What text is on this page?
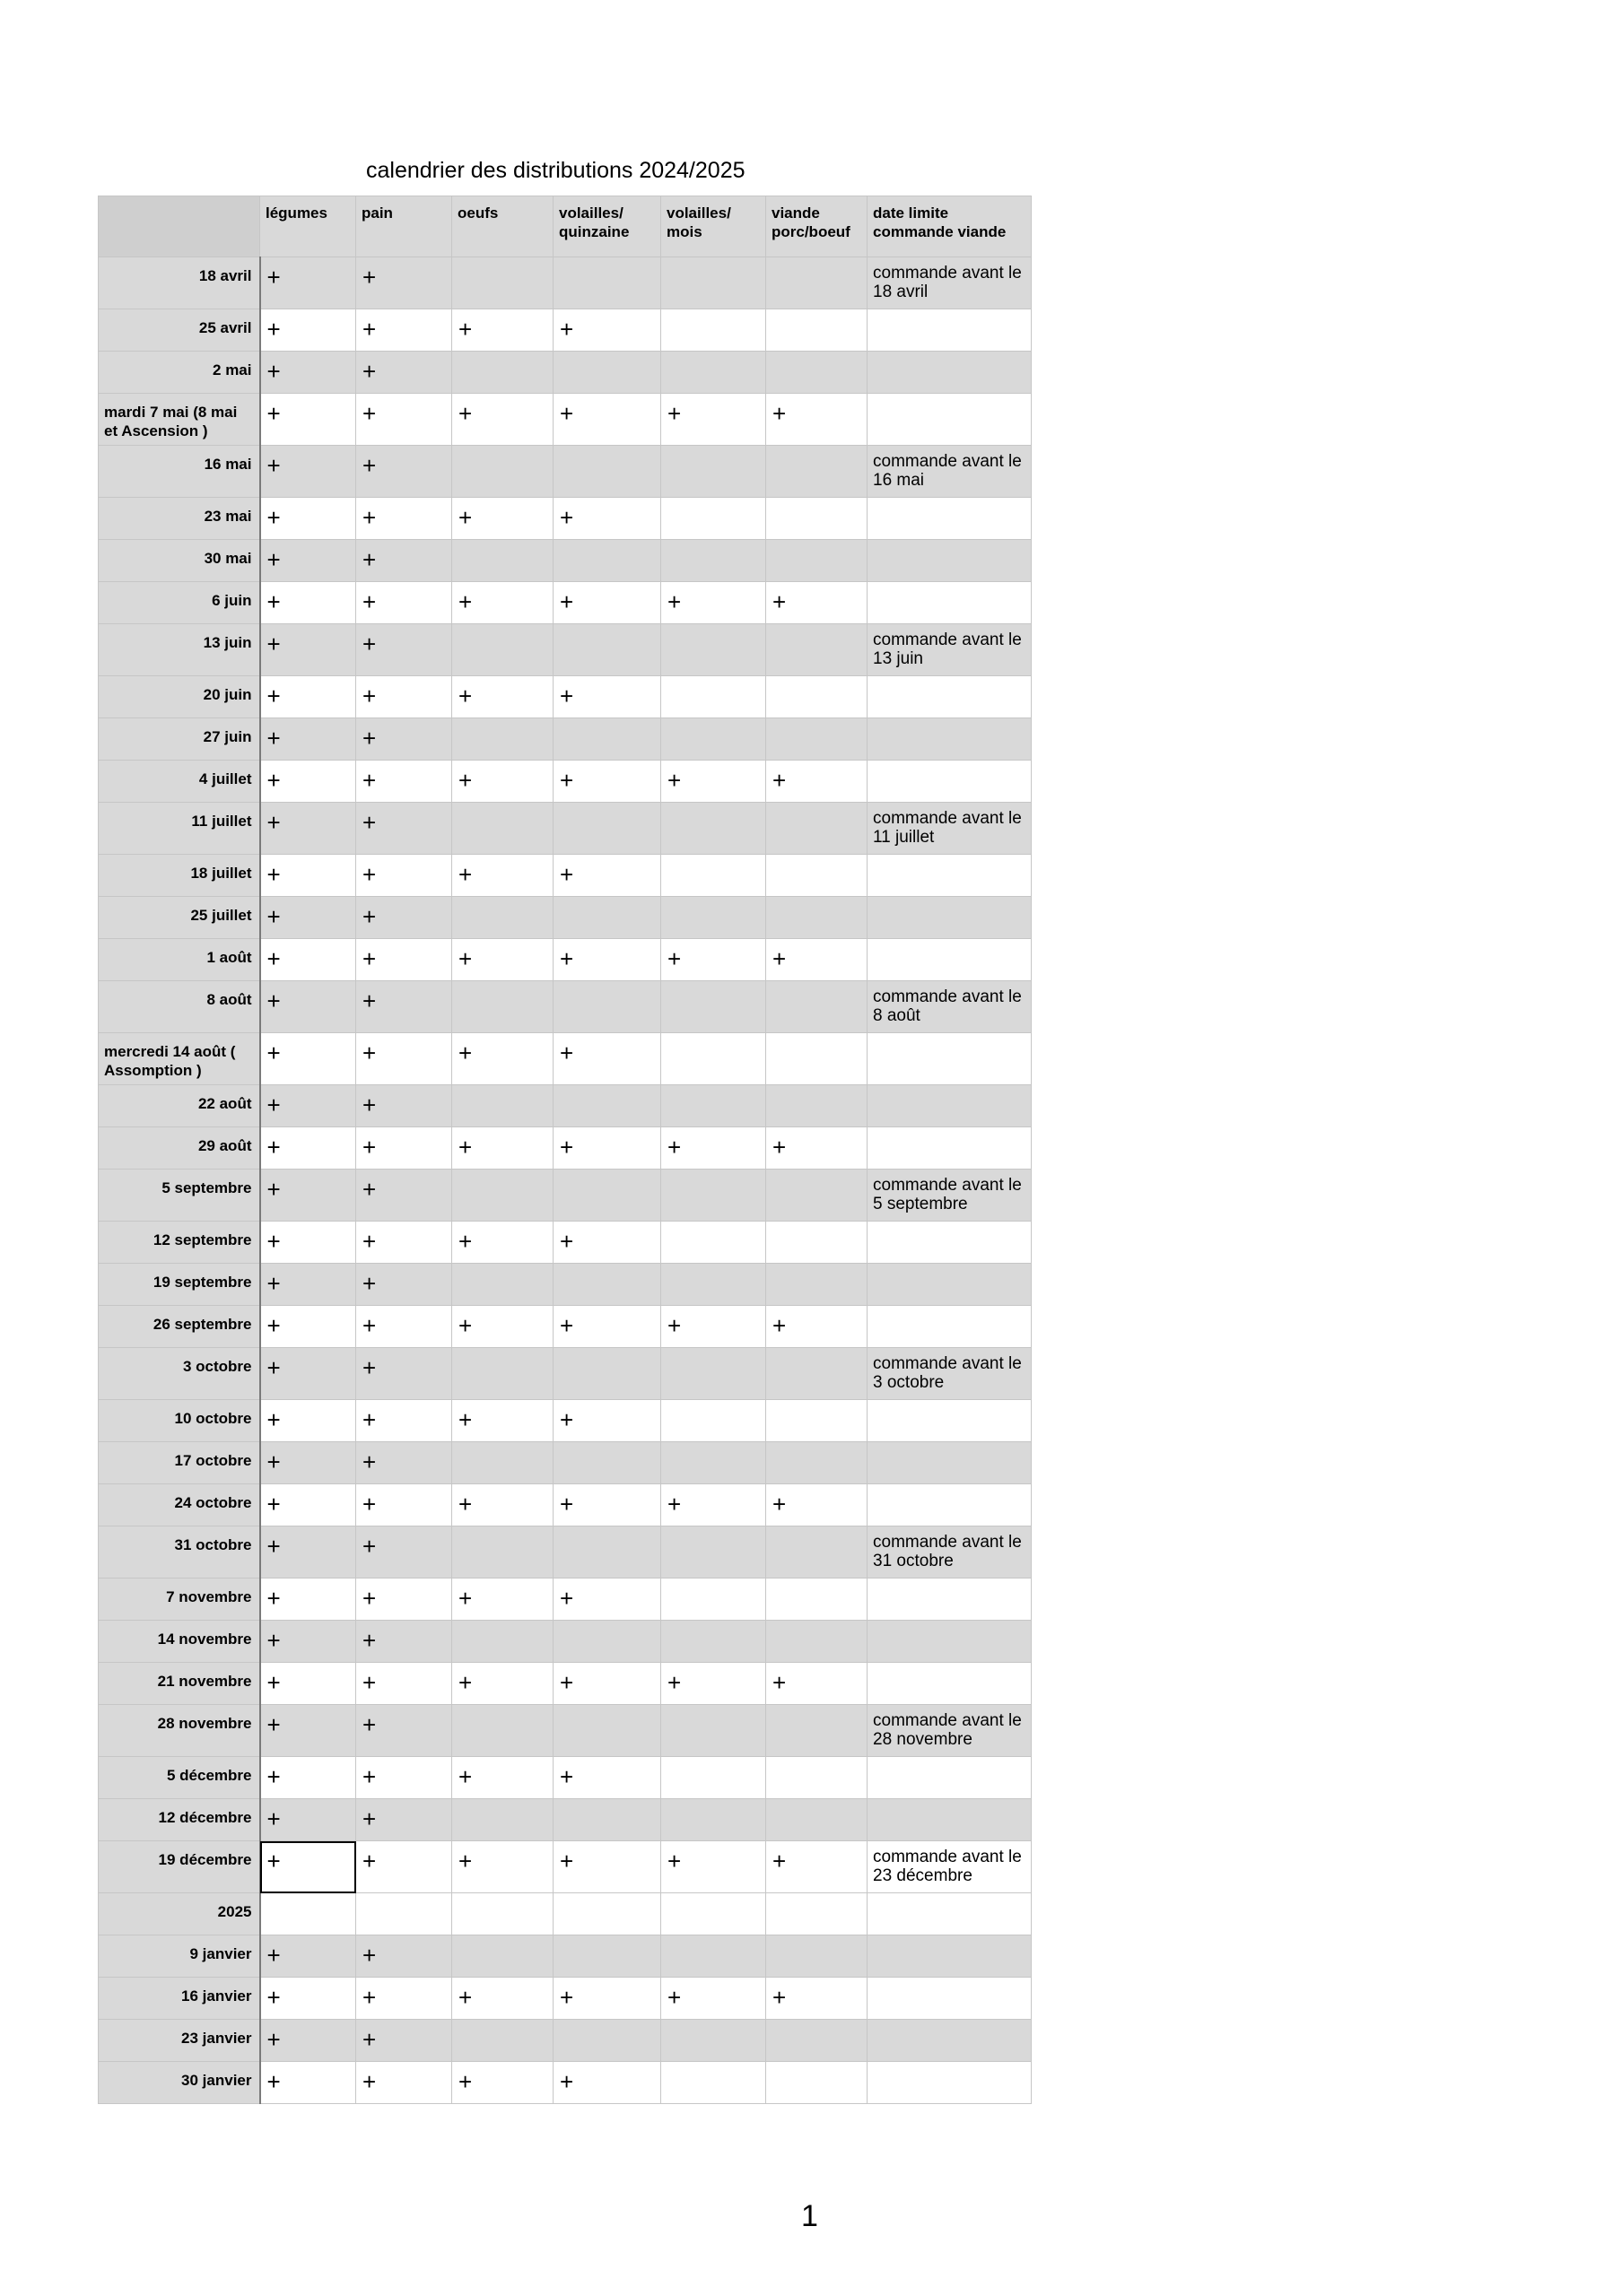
calendrier des distributions 2024/2025
	légumes	pain	oeufs	volailles/ quinzaine	volailles/ mois	viande porc/boeuf	date limite commande viande
18 avril	+	+					commande avant le 18 avril
25 avril	+	+	+	+			
2 mai	+	+					
mardi 7 mai (8 mai et Ascension )	+	+	+	+	+	+	
16 mai	+	+					commande avant le 16 mai
23 mai	+	+	+	+			
30 mai	+	+					
6 juin	+	+	+	+	+	+	
13 juin	+	+					commande avant le 13 juin
20 juin	+	+	+	+			
27 juin	+	+					
4 juillet	+	+	+	+	+	+	
11 juillet	+	+					commande avant le 11 juillet
18 juillet	+	+	+	+			
25 juillet	+	+					
1 août	+	+	+	+	+	+	
8 août	+	+					commande avant le 8 août
mercredi 14 août ( Assomption )	+	+	+	+			
22 août	+	+					
29 août	+	+	+	+	+	+	
5 septembre	+	+					commande avant le 5 septembre
12 septembre	+	+	+	+			
19 septembre	+	+					
26 septembre	+	+	+	+	+	+	
3 octobre	+	+					commande avant le 3 octobre
10 octobre	+	+	+	+			
17 octobre	+	+					
24 octobre	+	+	+	+	+	+	
31 octobre	+	+					commande avant le 31 octobre
7 novembre	+	+	+	+			
14 novembre	+	+					
21 novembre	+	+	+	+	+	+	
28 novembre	+	+					commande avant le 28 novembre
5 décembre	+	+	+	+			
12 décembre	+	+					
19 décembre	+	+	+	+	+	+	commande avant le 23 décembre
2025							
9 janvier	+	+					
16 janvier	+	+	+	+	+	+	
23 janvier	+	+					
30 janvier	+	+	+	+			
1
